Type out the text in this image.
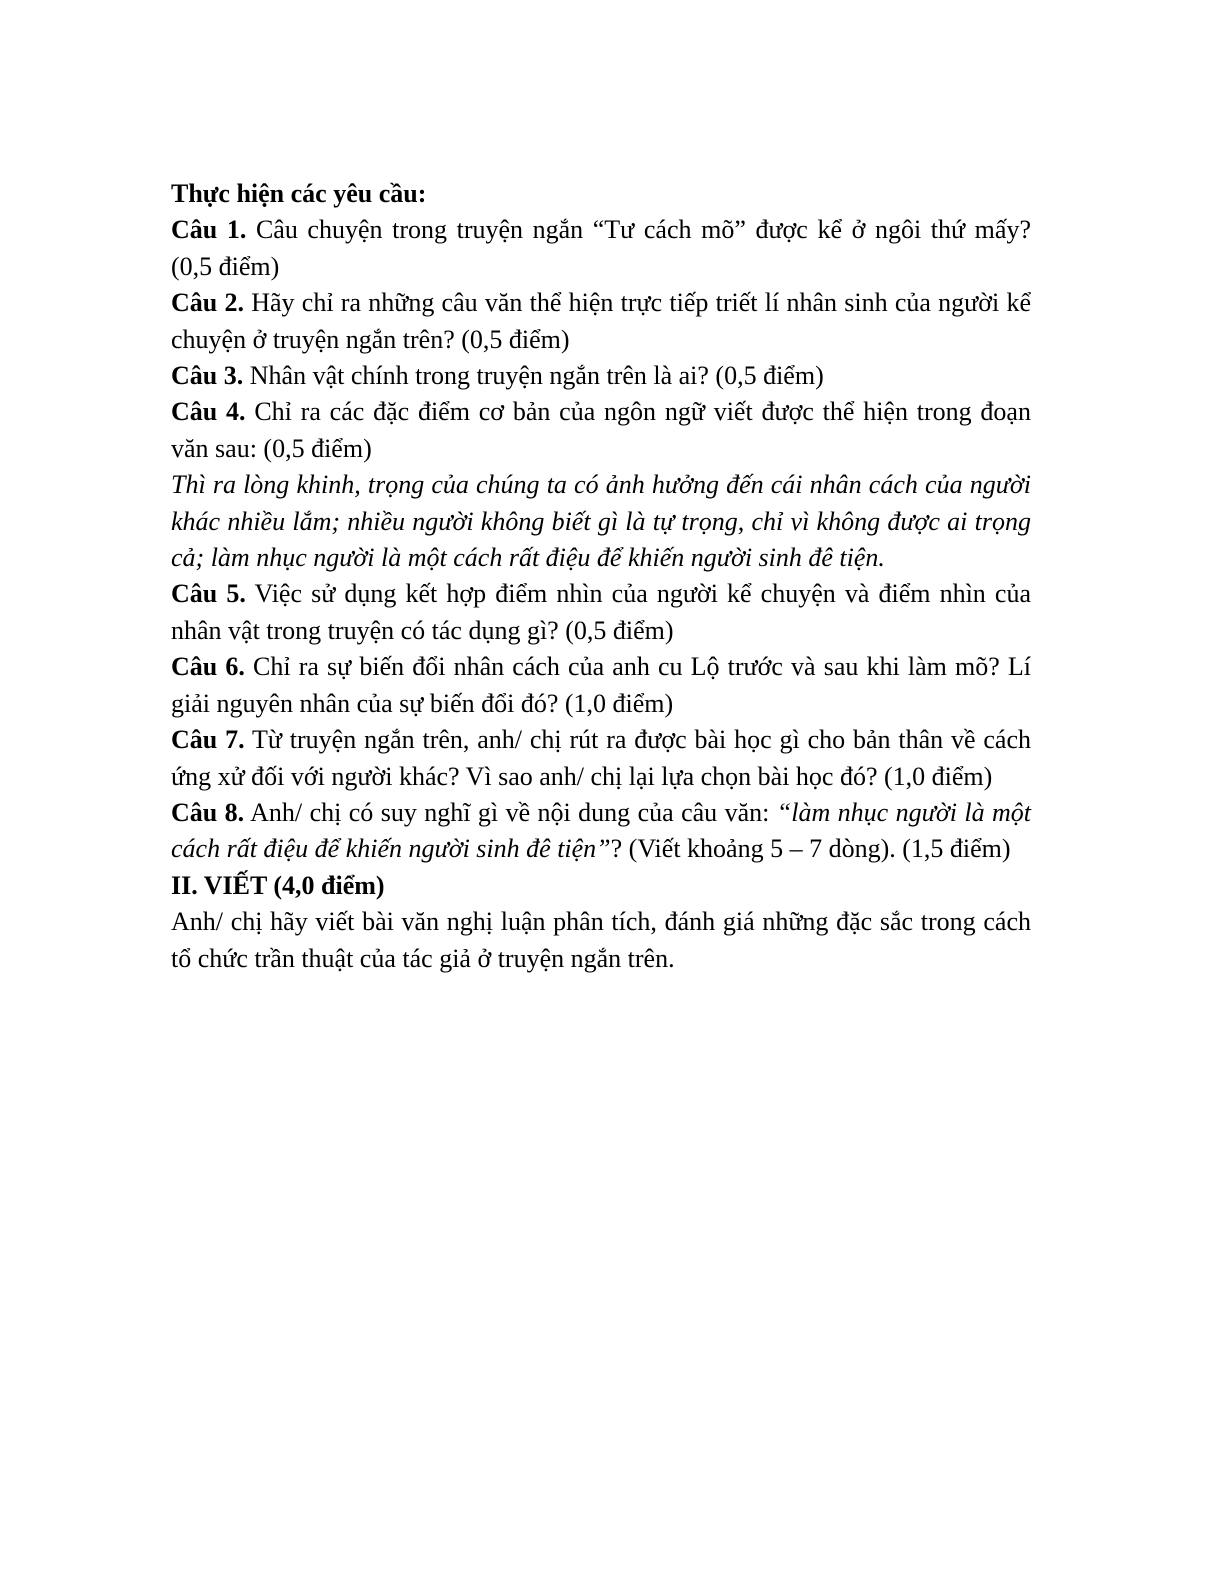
Thực hiện các yêu cầu:

Câu 1. Câu chuyện trong truyện ngắn “Tư cách mõ” được kể ở ngôi thứ mấy? (0,5 điểm)

Câu 2. Hãy chỉ ra những câu văn thể hiện trực tiếp triết lí nhân sinh của người kể chuyện ở truyện ngắn trên? (0,5 điểm)

Câu 3. Nhân vật chính trong truyện ngắn trên là ai? (0,5 điểm)

Câu 4. Chỉ ra các đặc điểm cơ bản của ngôn ngữ viết được thể hiện trong đoạn văn sau: (0,5 điểm)

Thì ra lòng khinh, trọng của chúng ta có ảnh hưởng đến cái nhân cách của người khác nhiều lắm; nhiều người không biết gì là tự trọng, chỉ vì không được ai trọng cả; làm nhục người là một cách rất điệu để khiến người sinh đê tiện.

Câu 5. Việc sử dụng kết hợp điểm nhìn của người kể chuyện và điểm nhìn của nhân vật trong truyện có tác dụng gì? (0,5 điểm)

Câu 6. Chỉ ra sự biến đổi nhân cách của anh cu Lộ trước và sau khi làm mõ? Lí giải nguyên nhân của sự biến đổi đó? (1,0 điểm)

Câu 7. Từ truyện ngắn trên, anh/ chị rút ra được bài học gì cho bản thân về cách ứng xử đối với người khác? Vì sao anh/ chị lại lựa chọn bài học đó? (1,0 điểm)

Câu 8. Anh/ chị có suy nghĩ gì về nội dung của câu văn: “làm nhục người là một cách rất điệu để khiến người sinh đê tiện”? (Viết khoảng 5 – 7 dòng). (1,5 điểm)

II. VIẾT (4,0 điểm)

Anh/ chị hãy viết bài văn nghị luận phân tích, đánh giá những đặc sắc trong cách tổ chức trần thuật của tác giả ở truyện ngắn trên.
